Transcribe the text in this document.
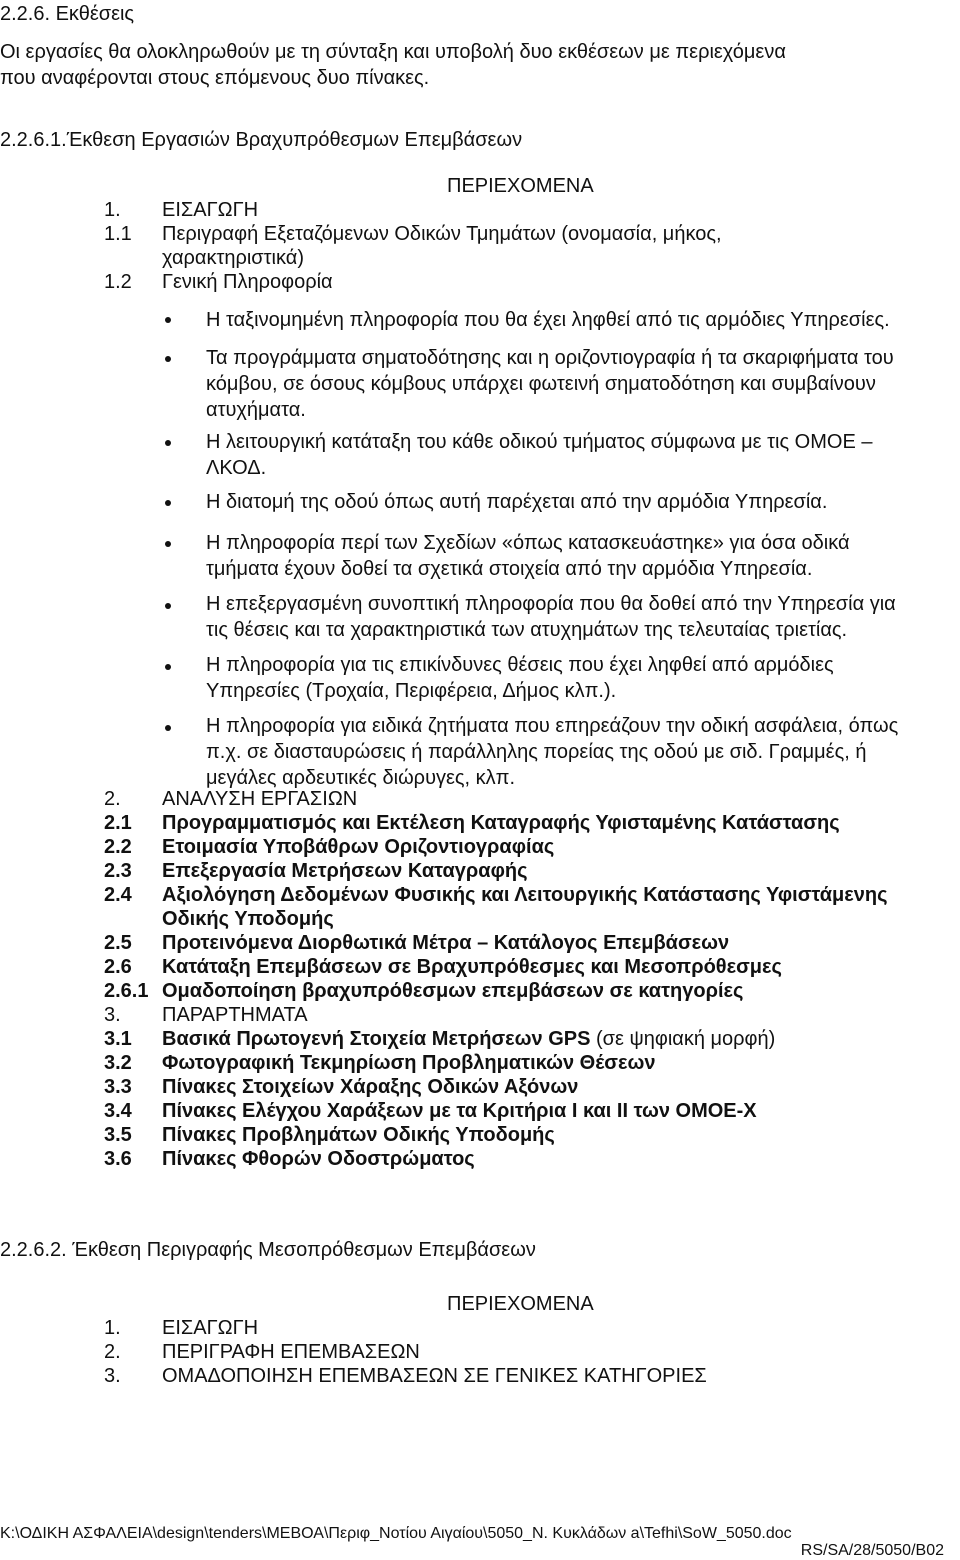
2.2.6. Εκθέσεις
Οι εργασίες θα ολοκληρωθούν με τη σύνταξη και υποβολή δυο εκθέσεων με περιεχόμενα
που αναφέρονται στους επόμενους δυο πίνακες.
2.2.6.1.Έκθεση Εργασιών Βραχυπρόθεσμων Επεμβάσεων
ΠΕΡΙΕΧΟΜΕΝΑ
1. ΕΙΣΑΓΩΓΗ
1.1 Περιγραφή Εξεταζόμενων Οδικών Τμημάτων (ονομασία, μήκος,
χαρακτηριστικά)
1.2 Γενική Πληροφορία
Η ταξινομημένη πληροφορία που θα έχει ληφθεί από τις αρμόδιες Υπηρεσίες.
Τα προγράμματα σηματοδότησης και η οριζοντιογραφία ή τα σκαριφήματα του
κόμβου, σε όσους κόμβους υπάρχει φωτεινή σηματοδότηση και συμβαίνουν
ατυχήματα.
Η λειτουργική κατάταξη του κάθε οδικού τμήματος σύμφωνα με τις ΟΜΟΕ –
ΛΚΟΔ.
Η διατομή της οδού όπως αυτή παρέχεται από την αρμόδια Υπηρεσία.
Η πληροφορία περί των Σχεδίων «όπως κατασκευάστηκε» για όσα οδικά
τμήματα έχουν δοθεί τα σχετικά στοιχεία από την αρμόδια Υπηρεσία.
Η επεξεργασμένη συνοπτική πληροφορία που θα δοθεί από την Υπηρεσία για
τις θέσεις και τα χαρακτηριστικά των ατυχημάτων της τελευταίας τριετίας.
Η πληροφορία για τις επικίνδυνες θέσεις που έχει ληφθεί από αρμόδιες
Υπηρεσίες (Τροχαία, Περιφέρεια, Δήμος κλπ.).
Η πληροφορία για ειδικά ζητήματα που επηρεάζουν την οδική ασφάλεια, όπως
π.χ. σε διασταυρώσεις ή παράλληλης πορείας της οδού με σιδ. Γραμμές, ή
μεγάλες αρδευτικές διώρυγες, κλπ.
2. ΑΝΑΛΥΣΗ ΕΡΓΑΣΙΩΝ
2.1 Προγραμματισμός και Εκτέλεση Καταγραφής Υφισταμένης Κατάστασης
2.2 Ετοιμασία Υποβάθρων Οριζοντιογραφίας
2.3 Επεξεργασία Μετρήσεων Καταγραφής
2.4 Αξιολόγηση Δεδομένων Φυσικής και Λειτουργικής Κατάστασης Υφιστάμενης
Οδικής Υποδομής
2.5 Προτεινόμενα Διορθωτικά Μέτρα – Κατάλογος Επεμβάσεων
2.6 Κατάταξη Επεμβάσεων σε Βραχυπρόθεσμες και Μεσοπρόθεσμες
2.6.1 Ομαδοποίηση βραχυπρόθεσμων επεμβάσεων σε κατηγορίες
3. ΠΑΡΑΡΤΗΜΑΤΑ
3.1 Βασικά Πρωτογενή Στοιχεία Μετρήσεων GPS (σε ψηφιακή μορφή)
3.2 Φωτογραφική Τεκμηρίωση Προβληματικών Θέσεων
3.3 Πίνακες Στοιχείων Χάραξης Οδικών Αξόνων
3.4 Πίνακες Ελέγχου Χαράξεων με τα Κριτήρια Ι και ΙΙ των ΟΜΟΕ-Χ
3.5 Πίνακες Προβλημάτων Οδικής Υποδομής
3.6 Πίνακες Φθορών Οδοστρώματος
2.2.6.2. Έκθεση Περιγραφής Μεσοπρόθεσμων Επεμβάσεων
ΠΕΡΙΕΧΟΜΕΝΑ
1. ΕΙΣΑΓΩΓΗ
2. ΠΕΡΙΓΡΑΦΗ ΕΠΕΜΒΑΣΕΩΝ
3. ΟΜΑΔΟΠΟΙΗΣΗ ΕΠΕΜΒΑΣΕΩΝ ΣΕ ΓΕΝΙΚΕΣ ΚΑΤΗΓΟΡΙΕΣ
K:\ΟΔΙΚΗ ΑΣΦΑΛΕΙΑ\design\tenders\ΜΕΒΟΑ\Περιφ_Νοτίου Αιγαίου\5050_Ν. Κυκλάδων a\Tefhi\SoW_5050.doc
RS/SA/28/5050/B02
